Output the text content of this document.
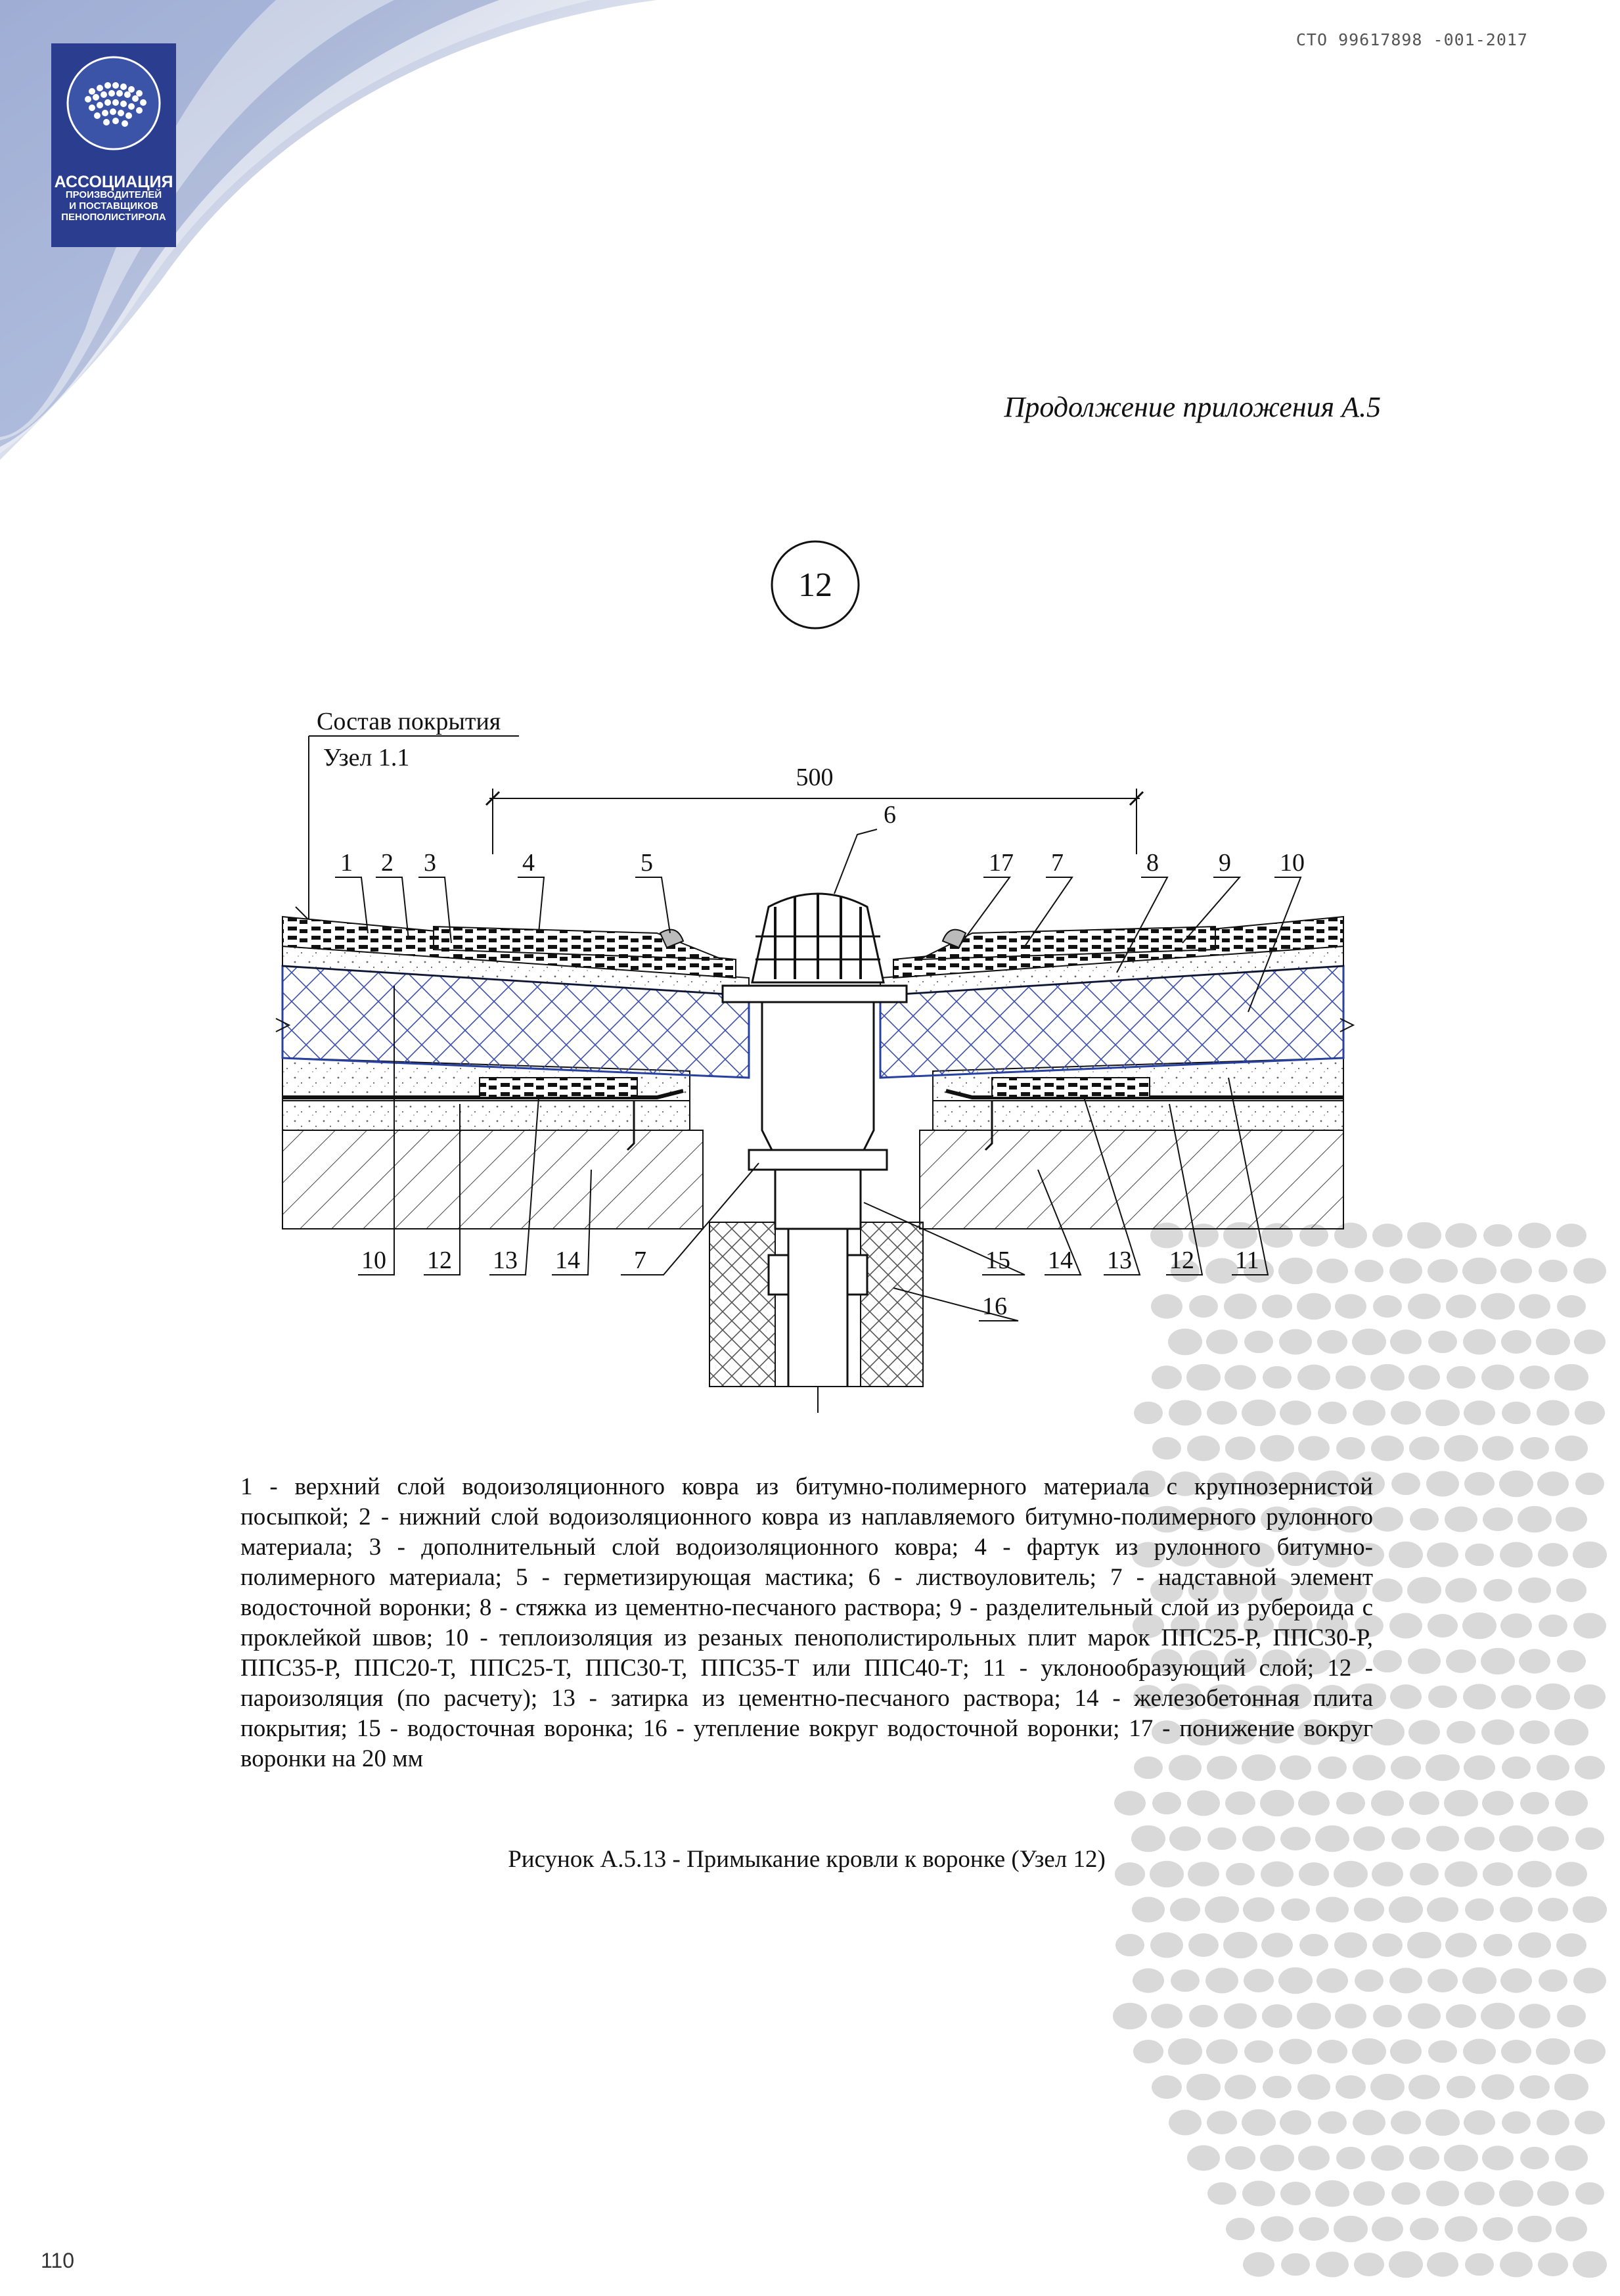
АССОЦИАЦИЯ
ПРОИЗВОДИТЕЛЕЙ
И ПОСТАВЩИКОВ
ПЕНОПОЛИСТИРОЛА
СТО 99617898 -001-2017
Продолжение приложения А.5
12
Состав покрытия
Узел 1.1
500
1 2 3	4	5
6
17 7	8 9 10
10 12 13 14 7	15 14 13 12 11
16
1 - верхний слой водоизоляционного ковра из битумно-полимерного материала с крупнозернистой посыпкой; 2 - нижний слой водоизоляционного ковра из наплавляемого битумно-полимерного рулонного материала; 3 - дополнительный слой водоизоляционного ковра; 4 - фартук из рулонного битумно-полимерного материала; 5 - герметизирующая мастика; 6 - листвоуловитель; 7 - надставной элемент водосточной воронки; 8 - стяжка из цементно-песчаного раствора; 9 - разделительный слой из рубероида с проклейкой швов; 10 - теплоизоляция из резаных пенополистирольных плит марок ППС25-Р, ППС30-Р, ППС35-Р, ППС20-Т, ППС25-Т, ППС30-Т, ППС35-Т или ППС40-Т; 11 - уклонообразующий слой; 12 - пароизоляция (по расчету); 13 - затирка из цементно-песчаного раствора; 14 - железобетонная плита покрытия; 15 - водосточная воронка; 16 - утепление вокруг водосточной воронки; 17 - понижение вокруг воронки на 20 мм
Рисунок А.5.13 - Примыкание кровли к воронке (Узел 12)
110
